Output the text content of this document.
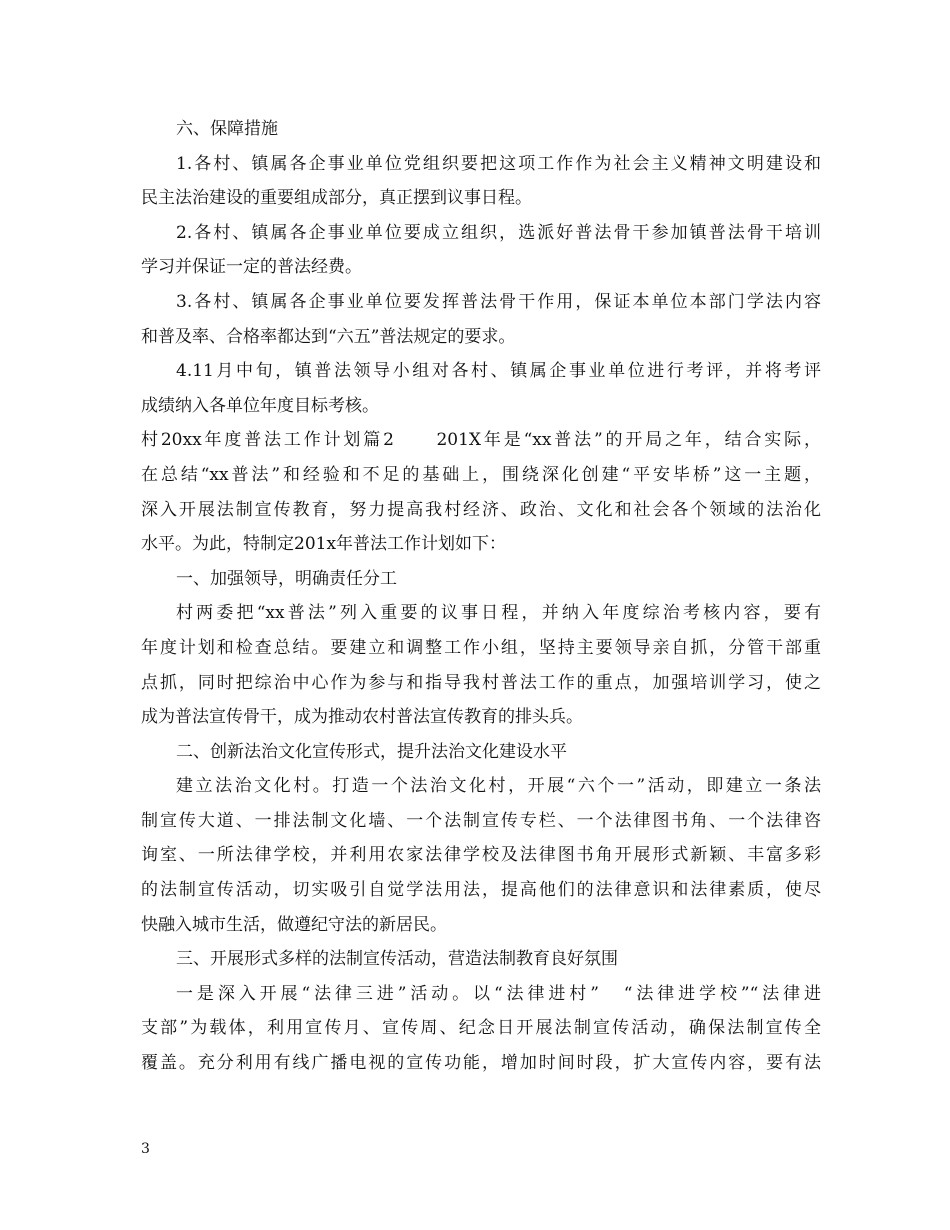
六、保障措施
1.各村、镇属各企事业单位党组织要把这项工作作为社会主义精神文明建设和
民主法治建设的重要组成部分，真正摆到议事日程。
2.各村、镇属各企事业单位要成立组织，选派好普法骨干参加镇普法骨干培训
学习并保证一定的普法经费。
3.各村、镇属各企事业单位要发挥普法骨干作用，保证本单位本部门学法内容
和普及率、合格率都达到“六五”普法规定的要求。
4.11月中旬，镇普法领导小组对各村、镇属企事业单位进行考评，并将考评
成绩纳入各单位年度目标考核。
村20xx年度普法工作计划篇2　　201X年是“xx普法”的开局之年，结合实际，
在总结“xx普法”和经验和不足的基础上，围绕深化创建“平安毕桥”这一主题，
深入开展法制宣传教育，努力提高我村经济、政治、文化和社会各个领域的法治化
水平。为此，特制定201x年普法工作计划如下：
一、加强领导，明确责任分工
村两委把“xx普法”列入重要的议事日程，并纳入年度综治考核内容，要有
年度计划和检查总结。要建立和调整工作小组，坚持主要领导亲自抓，分管干部重
点抓，同时把综治中心作为参与和指导我村普法工作的重点，加强培训学习，使之
成为普法宣传骨干，成为推动农村普法宣传教育的排头兵。
二、创新法治文化宣传形式，提升法治文化建设水平
建立法治文化村。打造一个法治文化村，开展“六个一”活动，即建立一条法
制宣传大道、一排法制文化墙、一个法制宣传专栏、一个法律图书角、一个法律咨
询室、一所法律学校，并利用农家法律学校及法律图书角开展形式新颖、丰富多彩
的法制宣传活动，切实吸引自觉学法用法，提高他们的法律意识和法律素质，使尽
快融入城市生活，做遵纪守法的新居民。
三、开展形式多样的法制宣传活动，营造法制教育良好氛围
一是深入开展“法律三进”活动。以“法律进村”　“法律进学校”“法律进
支部”为载体，利用宣传月、宣传周、纪念日开展法制宣传活动，确保法制宣传全
覆盖。充分利用有线广播电视的宣传功能，增加时间时段，扩大宣传内容，要有法
3
